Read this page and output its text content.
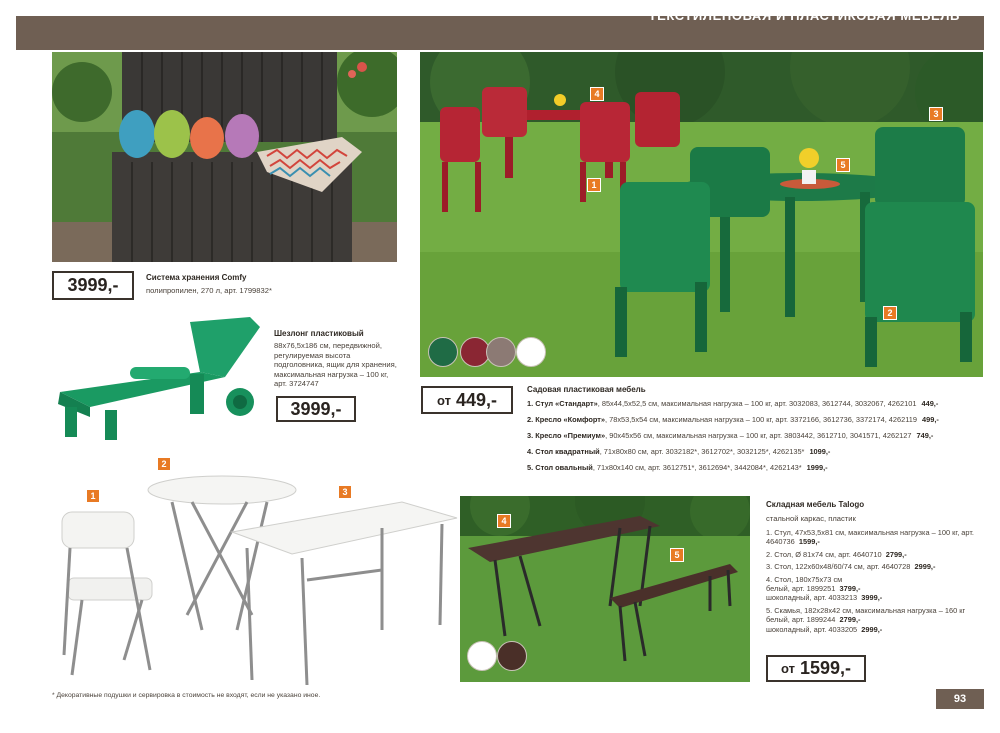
ТЕКСТИЛЕНОВАЯ И ПЛАСТИКОВАЯ МЕБЕЛЬ
3999,-	Система хранения Comfy
полипропилен, 270 л, арт. 1799832*
Шезлонг пластиковый
88x76,5x186 см, передвижной, регулируемая высота подголовника, ящик для хранения, максимальная нагрузка – 100 кг, арт. 3724747
3999,-
4
1
5
3
2
от 449,-	Садовая пластиковая мебель
1. Стул «Стандарт», 85x44,5x52,5 см, максимальная нагрузка – 100 кг, арт. 3032083, 3612744, 3032067, 4262101 449,-
2. Кресло «Комфорт», 78x53,5x54 см, максимальная нагрузка – 100 кг, арт. 3372166, 3612736, 3372174, 4262119 499,-
3. Кресло «Премиум», 90x45x56 см, максимальная нагрузка – 100 кг, арт. 3803442, 3612710, 3041571, 4262127 749,-
4. Стол квадратный, 71x80x80 см, арт. 3032182*, 3612702*, 3032125*, 4262135* 1099,-
5. Стол овальный, 71x80x140 см, арт. 3612751*, 3612694*, 3442084*, 4262143* 1999,-
1
2
3
4
5
Складная мебель Talogo
стальной каркас, пластик
1. Стул, 47x53,5x81 см, максимальная нагрузка – 100 кг, арт. 4640736 1599,-
2. Стол, Ø 81x74 см, арт. 4640710 2799,-
3. Стол, 122x60x48/60/74 см, арт. 4640728 2999,-
4. Стол, 180x75x73 см
белый, арт. 1899251 3799,-
шоколадный, арт. 4033213 3999,-
5. Скамья, 182x28x42 см, максимальная нагрузка – 160 кг
белый, арт. 1899244 2799,-
шоколадный, арт. 4033205 2999,-
от 1599,-
* Декоративные подушки и сервировка в стоимость не входят, если не указано иное.	93
